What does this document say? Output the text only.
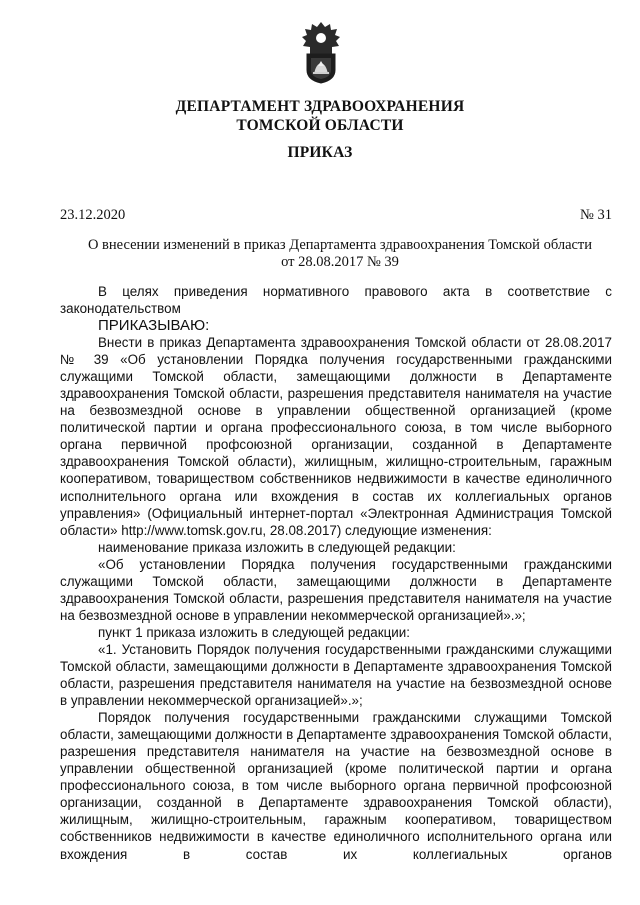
ДЕПАРТАМЕНТ ЗДРАВООХРАНЕНИЯ
ТОМСКОЙ ОБЛАСТИ
ПРИКАЗ
23.12.2020	№ 31
О внесении изменений в приказ Департамента здравоохранения Томской области
от 28.08.2017 № 39

В целях приведения нормативного правового акта в соответствие с законодательством

ПРИКАЗЫВАЮ:

Внести в приказ Департамента здравоохранения Томской области от 28.08.2017 № 39 «Об установлении Порядка получения государственными гражданскими служащими Томской области, замещающими должности в Департаменте здравоохранения Томской области, разрешения представителя нанимателя на участие на безвозмездной основе в управлении общественной организацией (кроме политической партии и органа профессионального союза, в том числе выборного органа первичной профсоюзной организации, созданной в Департаменте здравоохранения Томской области), жилищным, жилищно-строительным, гаражным кооперативом, товариществом собственников недвижимости в качестве единоличного исполнительного органа или вхождения в состав их коллегиальных органов управления» (Официальный интернет-портал «Электронная Администрация Томской области» http://www.tomsk.gov.ru, 28.08.2017) следующие изменения:

наименование приказа изложить в следующей редакции:

«Об установлении Порядка получения государственными гражданскими служащими Томской области, замещающими должности в Департаменте здравоохранения Томской области, разрешения представителя нанимателя на участие на безвозмездной основе в управлении некоммерческой организацией».»;

пункт 1 приказа изложить в следующей редакции:

«1. Установить Порядок получения государственными гражданскими служащими Томской области, замещающими должности в Департаменте здравоохранения Томской области, разрешения представителя нанимателя на участие на безвозмездной основе в управлении некоммерческой организацией».»;

Порядок получения государственными гражданскими служащими Томской области, замещающими должности в Департаменте здравоохранения Томской области, разрешения представителя нанимателя на участие на безвозмездной основе в управлении общественной организацией (кроме политической партии и органа профессионального союза, в том числе выборного органа первичной профсоюзной организации, созданной в Департаменте здравоохранения Томской области), жилищным, жилищно-строительным, гаражным кооперативом, товариществом собственников недвижимости в качестве единоличного исполнительного органа или вхождения в состав их коллегиальных органов
